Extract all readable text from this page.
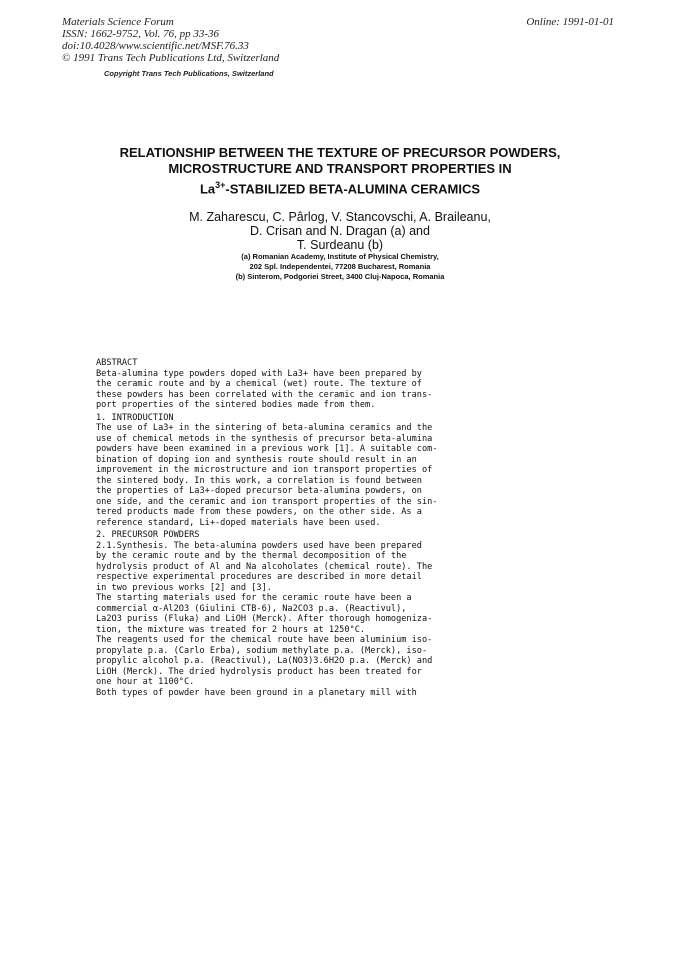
Materials Science Forum
ISSN: 1662-9752, Vol. 76, pp 33-36
doi:10.4028/www.scientific.net/MSF.76.33
© 1991 Trans Tech Publications Ltd, Switzerland
Online: 1991-01-01
Copyright Trans Tech Publications, Switzerland
RELATIONSHIP BETWEEN THE TEXTURE OF PRECURSOR POWDERS,
MICROSTRUCTURE AND TRANSPORT PROPERTIES IN
$La^{3+}$-STABILIZED BETA-ALUMINA CERAMICS
M. Zaharescu, C. Pârlog, V. Stancovschi, A. Braileanu,
D. Crisan and N. Dragan (a) and
T. Surdeanu (b)
(a) Romanian Academy, Institute of Physical Chemistry,
202 Spl. Independentei, 77208 Bucharest, Romania
(b) Sinterom, Podgoriei Street, 3400 Cluj-Napoca, Romania
ABSTRACT
Beta-alumina type powders doped with La3+ have been prepared by
the ceramic route and by a chemical (wet) route. The texture of
these powders has been correlated with the ceramic and ion trans-
port properties of the sintered bodies made from them.
1. INTRODUCTION
The use of La3+ in the sintering of beta-alumina ceramics and the
use of chemical metods in the synthesis of precursor beta-alumina
powders have been examined in a previous work [1]. A suitable com-
bination of doping ion and synthesis route should result in an
improvement in the microstructure and ion transport properties of
the sintered body. In this work, a correlation is found between
the properties of La3+-doped precursor beta-alumina powders, on
one side, and the ceramic and ion transport properties of the sin-
tered products made from these powders, on the other side. As a
reference standard, Li+-doped materials have been used.
2. PRECURSOR POWDERS
2.1.Synthesis. The beta-alumina powders used have been prepared
by the ceramic route and by the thermal decomposition of the
hydrolysis product of Al and Na alcoholates (chemical route). The
respective experimental procedures are described in more detail
in two previous works [2] and [3].
The starting materials used for the ceramic route have been a
commercial α-Al2O3 (Giulini CTB-6), Na2CO3 p.a. (Reactivul),
La2O3 puriss (Fluka) and LiOH (Merck). After thorough homogeniza-
tion, the mixture was treated for 2 hours at 1250°C.
The reagents used for the chemical route have been aluminium iso-
propylate p.a. (Carlo Erba), sodium methylate p.a. (Merck), iso-
propylic alcohol p.a. (Reactivul), La(NO3)3.6H2O p.a. (Merck) and
LiOH (Merck). The dried hydrolysis product has been treated for
one hour at 1100°C.
Both types of powder have been ground in a planetary mill with
